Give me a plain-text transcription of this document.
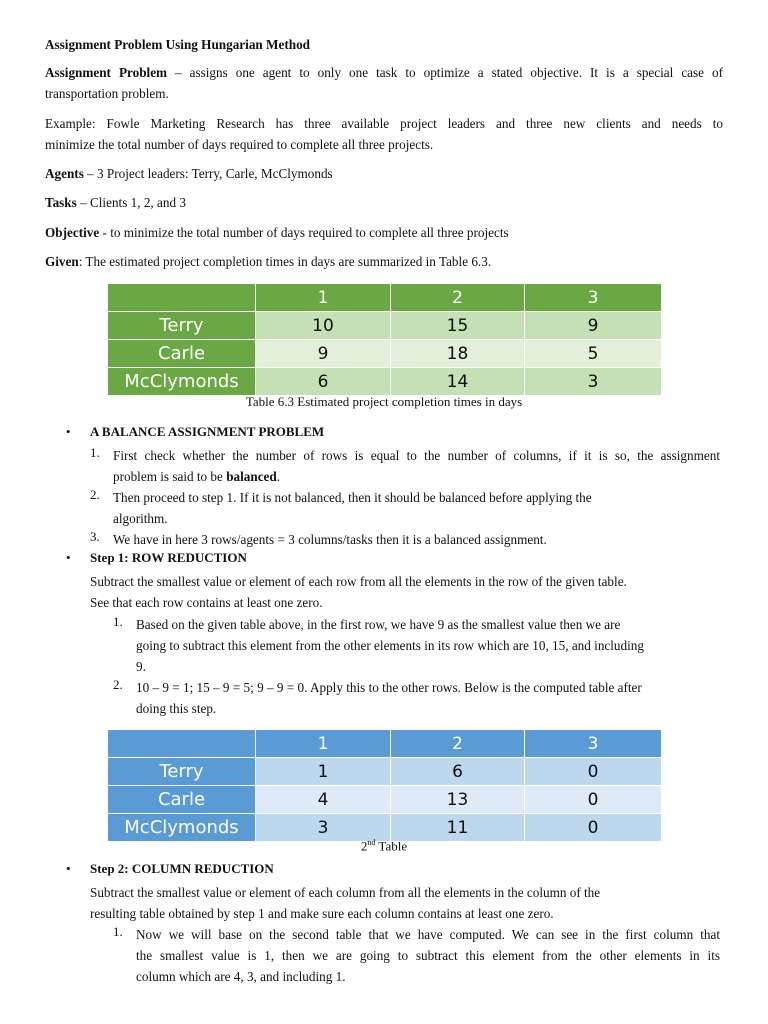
Assignment Problem Using Hungarian Method
Assignment Problem – assigns one agent to only one task to optimize a stated objective. It is a special case of
transportation problem.
Example: Fowle Marketing Research has three available project leaders and three new clients and needs to
minimize the total number of days required to complete all three projects.
Agents – 3 Project leaders: Terry, Carle, McClymonds
Tasks – Clients 1, 2, and 3
Objective - to minimize the total number of days required to complete all three projects
Given: The estimated project completion times in days are summarized in Table 6.3.
	1	2	3
Terry	10	15	9
Carle	9	18	5
McClymonds	6	14	3
Table 6.3 Estimated project completion times in days
• A BALANCE ASSIGNMENT PROBLEM
1. First check whether the number of rows is equal to the number of columns, if it is so, the assignment
problem is said to be balanced.
2. Then proceed to step 1. If it is not balanced, then it should be balanced before applying the
algorithm.
3. We have in here 3 rows/agents = 3 columns/tasks then it is a balanced assignment.
• Step 1: ROW REDUCTION
Subtract the smallest value or element of each row from all the elements in the row of the given table.
See that each row contains at least one zero.
1. Based on the given table above, in the first row, we have 9 as the smallest value then we are
going to subtract this element from the other elements in its row which are 10, 15, and including
9.
2. 10 – 9 = 1; 15 – 9 = 5; 9 – 9 = 0. Apply this to the other rows. Below is the computed table after
doing this step.
	1	2	3
Terry	1	6	0
Carle	4	13	0
McClymonds	3	11	0
2nd Table
• Step 2: COLUMN REDUCTION
Subtract the smallest value or element of each column from all the elements in the column of the
resulting table obtained by step 1 and make sure each column contains at least one zero.
1. Now we will base on the second table that we have computed. We can see in the first column that
the smallest value is 1, then we are going to subtract this element from the other elements in its
column which are 4, 3, and including 1.
